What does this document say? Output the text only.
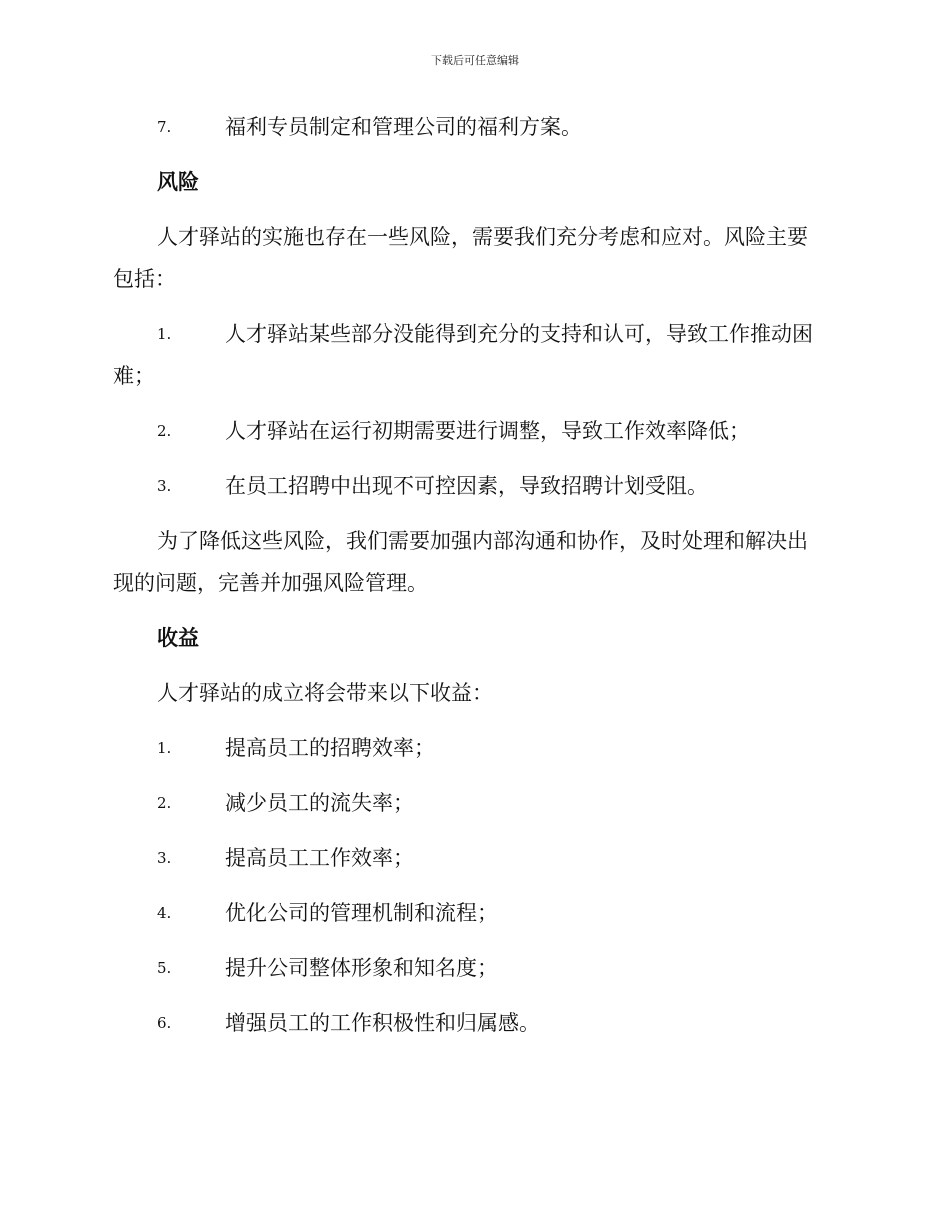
下载后可任意编辑
7.	福利专员制定和管理公司的福利方案。
风险
人才驿站的实施也存在一些风险，需要我们充分考虑和应对。风险主要
包括：
1.	人才驿站某些部分没能得到充分的支持和认可，导致工作推动困
难；
2.	人才驿站在运行初期需要进行调整，导致工作效率降低；
3.	在员工招聘中出现不可控因素，导致招聘计划受阻。
为了降低这些风险，我们需要加强内部沟通和协作，及时处理和解决出
现的问题，完善并加强风险管理。
收益
人才驿站的成立将会带来以下收益：
1.	提高员工的招聘效率；
2.	减少员工的流失率；
3.	提高员工工作效率；
4.	优化公司的管理机制和流程；
5.	提升公司整体形象和知名度；
6.	增强员工的工作积极性和归属感。
